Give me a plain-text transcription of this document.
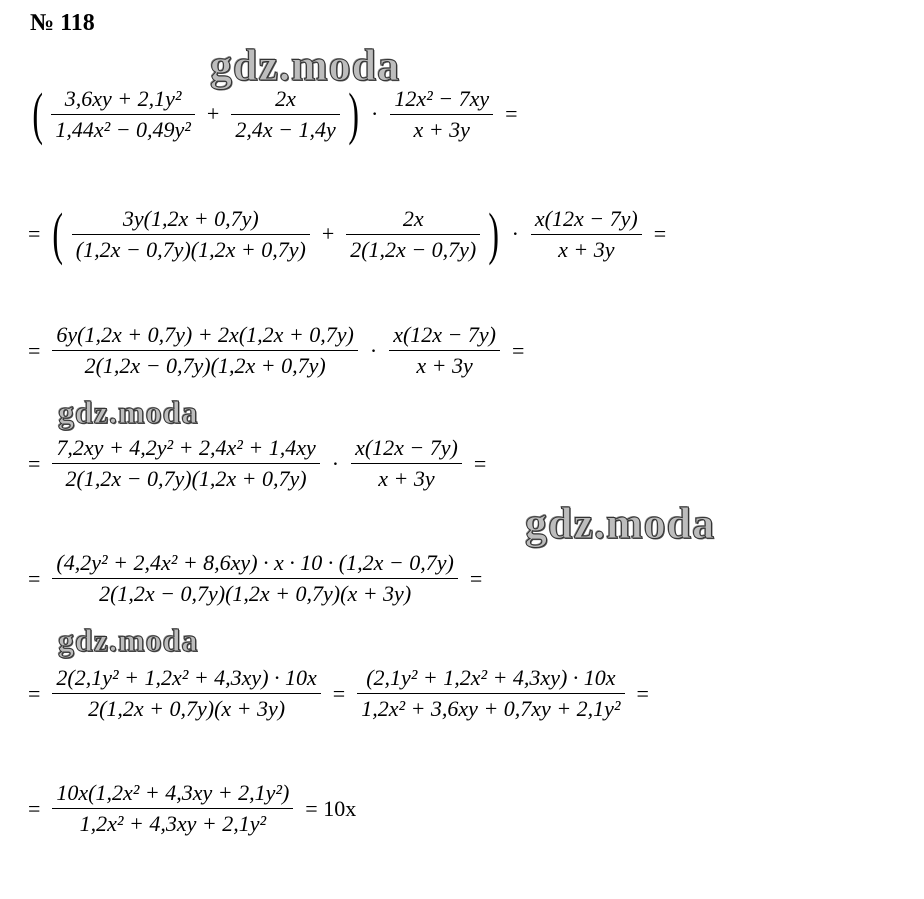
№ 118
gdz.moda
gdz.moda
gdz.moda
gdz.moda
( $\frac{\text{3,6xy + 2,1y²}}{\text{1,44x² − 0,49y²}} + \frac{2x}{2,4x - 1,4y}$ ) · $\frac{\text{12x² − 7xy}}{x + 3y}$ =
= ( $\frac{3y(1,2x + 0,7y)}{(1,2x - 0,7y)(1,2x + 0,7y)} + \frac{2x}{2(1,2x - 0,7y)}$ ) · $\frac{x(12x - 7y)}{x + 3y}$ =
= $\frac{6y(1,2x + 0,7y) + 2x(1,2x + 0,7y)}{2(1,2x - 0,7y)(1,2x + 0,7y)} \cdot \frac{x(12x - 7y)}{x + 3y}$ =
= $\frac{\text{7,2xy + 4,2y² + 2,4x² + 1,4xy}}{2(1,2x - 0,7y)(1,2x + 0,7y)} \cdot \frac{x(12x - 7y)}{x + 3y}$ =
= $\frac{\text{(4,2y² + 2,4x² + 8,6xy) · x · 10 · (1,2x − 0,7y)}}{2(1,2x - 0,7y)(1,2x + 0,7y)(x + 3y)}$ =
= $\frac{\text{2(2,1y² + 1,2x² + 4,3xy) · 10x}}{2(1,2x + 0,7y)(x + 3y)} = \frac{\text{(2,1y² + 1,2x² + 4,3xy) · 10x}}{\text{1,2x² + 3,6xy + 0,7xy + 2,1y²}}$ =
= $\frac{\text{10x(1,2x² + 4,3xy + 2,1y²)}}{\text{1,2x² + 4,3xy + 2,1y²}} = 10x$
